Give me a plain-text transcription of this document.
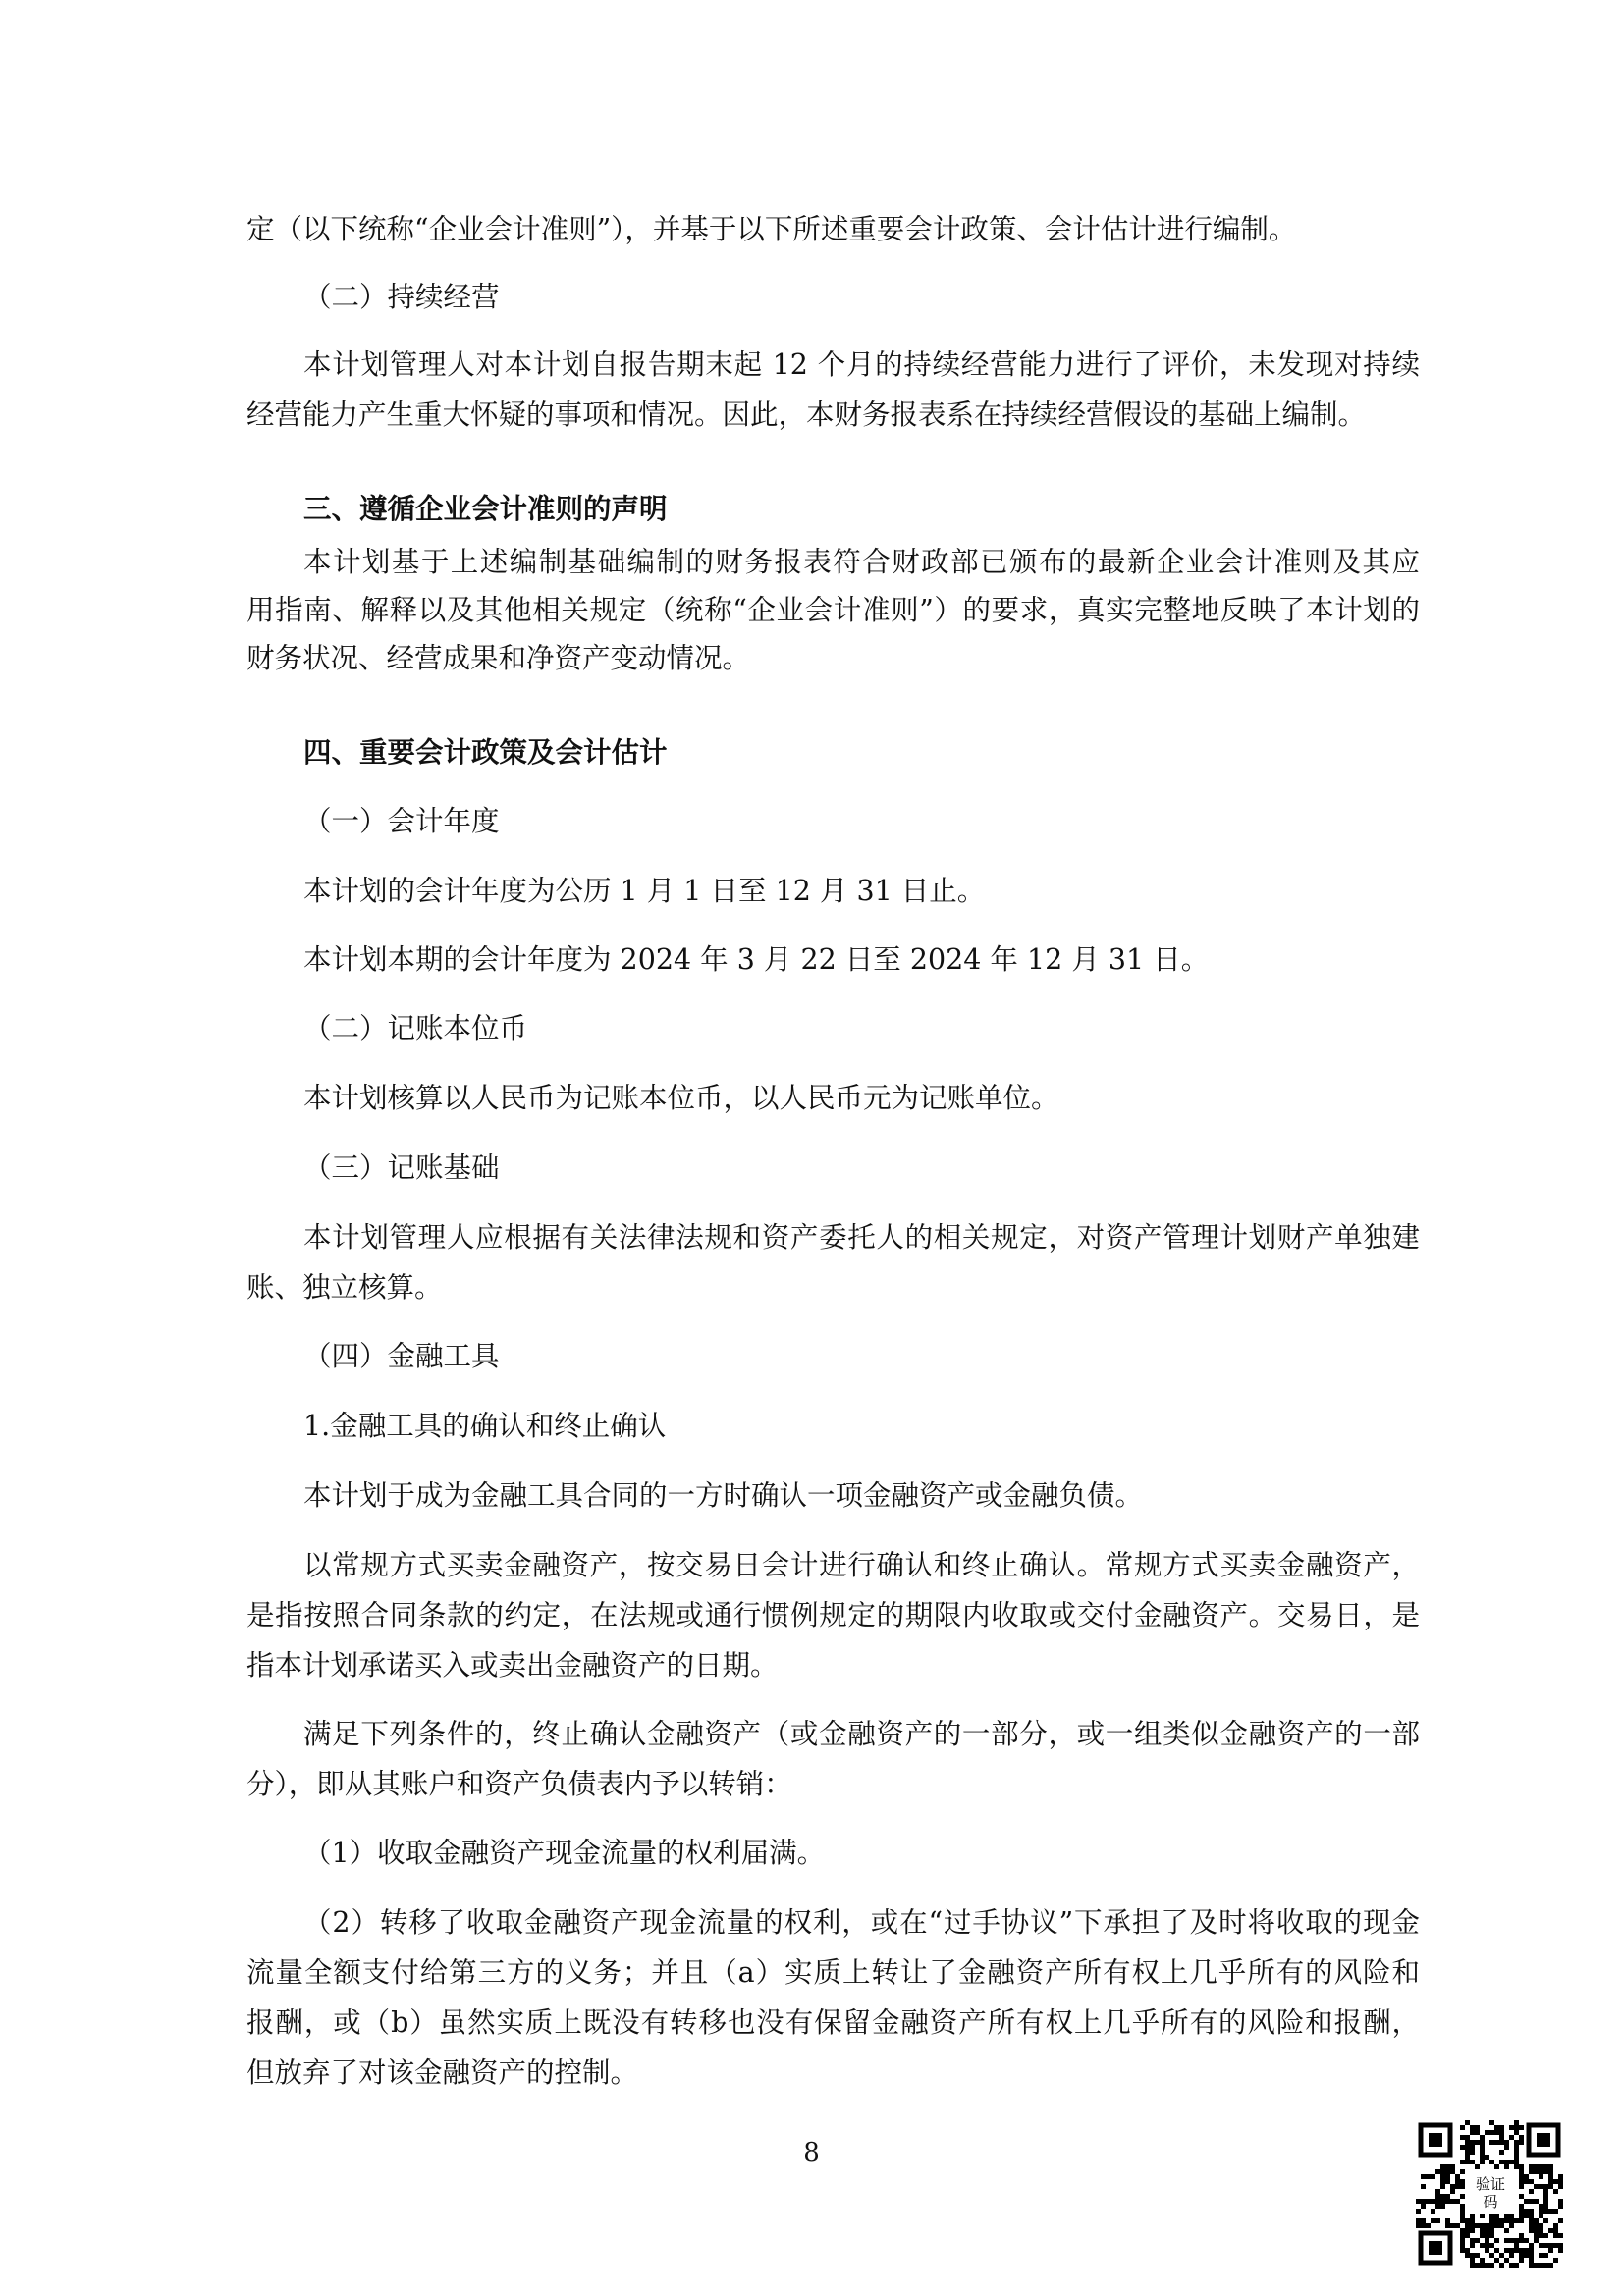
定（以下统称“企业会计准则”），并基于以下所述重要会计政策、会计估计进行编制。
（二）持续经营
本计划管理人对本计划自报告期末起 12 个月的持续经营能力进行了评价，未发现对持续
经营能力产生重大怀疑的事项和情况。因此，本财务报表系在持续经营假设的基础上编制。
三、遵循企业会计准则的声明
本计划基于上述编制基础编制的财务报表符合财政部已颁布的最新企业会计准则及其应
用指南、解释以及其他相关规定（统称“企业会计准则”）的要求，真实完整地反映了本计划的
财务状况、经营成果和净资产变动情况。
四、重要会计政策及会计估计
（一）会计年度
本计划的会计年度为公历 1 月 1 日至 12 月 31 日止。
本计划本期的会计年度为 2024 年 3 月 22 日至 2024 年 12 月 31 日。
（二）记账本位币
本计划核算以人民币为记账本位币，以人民币元为记账单位。
（三）记账基础
本计划管理人应根据有关法律法规和资产委托人的相关规定，对资产管理计划财产单独建
账、独立核算。
（四）金融工具
1.金融工具的确认和终止确认
本计划于成为金融工具合同的一方时确认一项金融资产或金融负债。
以常规方式买卖金融资产，按交易日会计进行确认和终止确认。常规方式买卖金融资产，
是指按照合同条款的约定，在法规或通行惯例规定的期限内收取或交付金融资产。交易日，是
指本计划承诺买入或卖出金融资产的日期。
满足下列条件的，终止确认金融资产（或金融资产的一部分，或一组类似金融资产的一部
分），即从其账户和资产负债表内予以转销：
（1）收取金融资产现金流量的权利届满。
（2）转移了收取金融资产现金流量的权利，或在“过手协议”下承担了及时将收取的现金
流量全额支付给第三方的义务；并且（a）实质上转让了金融资产所有权上几乎所有的风险和
报酬，或（b）虽然实质上既没有转移也没有保留金融资产所有权上几乎所有的风险和报酬，
但放弃了对该金融资产的控制。
8
验证
码
